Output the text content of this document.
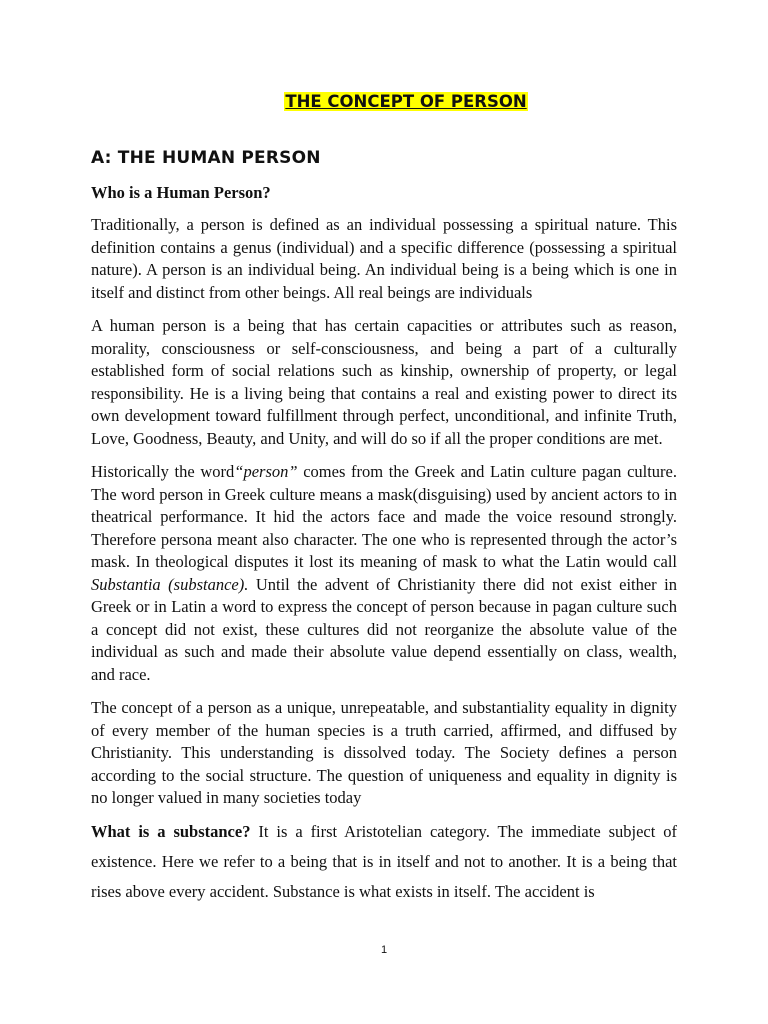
THE CONCEPT OF PERSON
A: THE HUMAN PERSON
Who is a Human Person?

Traditionally, a person is defined as an individual possessing a spiritual nature. This definition contains a genus (individual) and a specific difference (possessing a spiritual nature). A person is an individual being. An individual being is a being which is one in itself and distinct from other beings. All real beings are individuals

A human person is a being that has certain capacities or attributes such as reason, morality, consciousness or self-consciousness, and being a part of a culturally established form of social relations such as kinship, ownership of property, or legal responsibility. He is a living being that contains a real and existing power to direct its own development toward fulfillment through perfect, unconditional, and infinite Truth, Love, Goodness, Beauty, and Unity, and will do so if all the proper conditions are met.

Historically the word“person” comes from the Greek and Latin culture pagan culture. The word person in Greek culture means a mask(disguising) used by ancient actors to in theatrical performance. It hid the actors face and made the voice resound strongly. Therefore persona meant also character. The one who is represented through the actor’s mask. In theological disputes it lost its meaning of mask to what the Latin would call Substantia (substance). Until the advent of Christianity there did not exist either in Greek or in Latin a word to express the concept of person because in pagan culture such a concept did not exist, these cultures did not reorganize the absolute value of the individual as such and made their absolute value depend essentially on class, wealth, and race.

The concept of a person as a unique, unrepeatable, and substantiality equality in dignity of every member of the human species is a truth carried, affirmed, and diffused by Christianity. This understanding is dissolved today. The Society defines a person according to the social structure. The question of uniqueness and equality in dignity is no longer valued in many societies today

What is a substance? It is a first Aristotelian category. The immediate subject of existence. Here we refer to a being that is in itself and not to another. It is a being that rises above every accident. Substance is what exists in itself. The accident is

1
